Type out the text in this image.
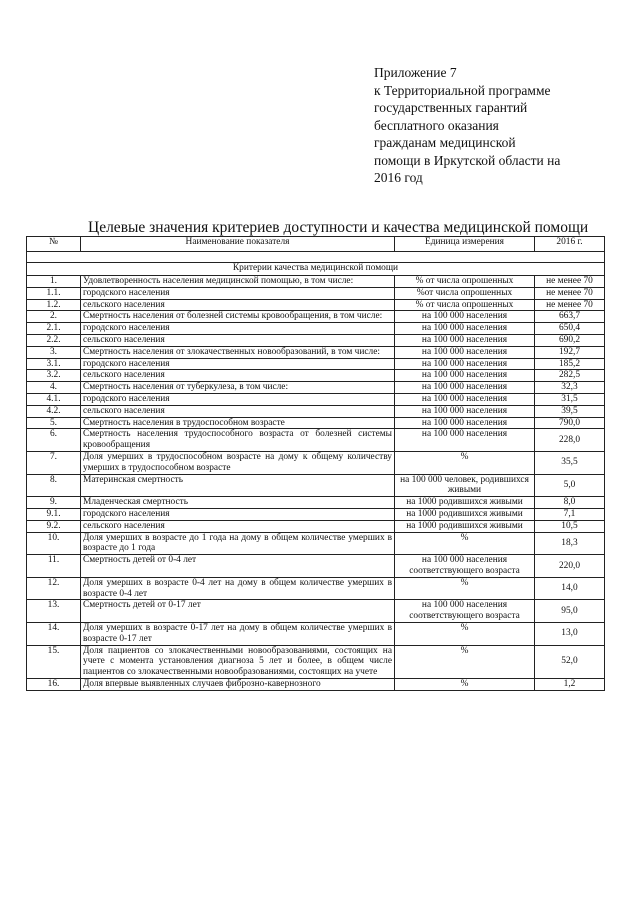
Приложение 7
к Территориальной программе
государственных гарантий
бесплатного оказания
гражданам медицинской
помощи в Иркутской области на
2016 год
Целевые значения критериев доступности и качества медицинской помощи
№	Наименование показателя	Единица измерения	2016 г.

Критерии качества медицинской помощи			
1.	Удовлетворенность населения медицинской помощью, в том числе:	% от числа опрошенных	не менее 70
1.1.	городского населения	%от числа опрошенных	не менее 70
1.2.	сельского населения	% от числа опрошенных	не менее 70
2.	Смертность населения от болезней системы кровообращения, в том числе:	на 100 000 населения	663,7
2.1.	городского населения	на 100 000 населения	650,4
2.2.	сельского населения	на 100 000 населения	690,2
3.	Смертность населения от злокачественных новообразований, в том числе:	на 100 000 населения	192,7
3.1.	городского населения	на 100 000 населения	185,2
3.2.	сельского населения	на 100 000 населения	282,5
4.	Смертность населения от туберкулеза, в том числе:	на 100 000 населения	32,3
4.1.	городского населения	на 100 000 населения	31,5
4.2.	сельского населения	на 100 000 населения	39,5
5.	Смертность населения в трудоспособном возрасте	на 100 000 населения	790,0
6.	Смертность населения трудоспособного возраста от болезней системы кровообращения	на 100 000 населения	228,0
7.	Доля умерших в трудоспособном возрасте на дому к общему количеству умерших в трудоспособном возрасте	%	35,5
8.	Материнская смертность	на 100 000 человек, родившихся живыми	5,0
9.	Младенческая смертность	на 1000 родившихся живыми	8,0
9.1.	городского населения	на 1000 родившихся живыми	7,1
9.2.	сельского населения	на 1000 родившихся живыми	10,5
10.	Доля умерших в возрасте до 1 года на дому в общем количестве умерших в возрасте до 1 года	%	18,3
11.	Смертность детей от 0-4 лет	на 100 000 населения соответствующего возраста	220,0
12.	Доля умерших в возрасте 0-4 лет на дому в общем количестве умерших в возрасте 0-4 лет	%	14,0
13.	Смертность детей от 0-17 лет	на 100 000 населения соответствующего возраста	95,0
14.	Доля умерших в возрасте 0-17 лет на дому в общем количестве умерших в возрасте 0-17 лет	%	13,0
15.	Доля пациентов со злокачественными новообразованиями, состоящих на учете с момента установления диагноза 5 лет и более, в общем числе пациентов со злокачественными новообразованиями, состоящих на учете	%	52,0
16.	Доля впервые выявленных случаев фиброзно-кавернозного	%	1,2
